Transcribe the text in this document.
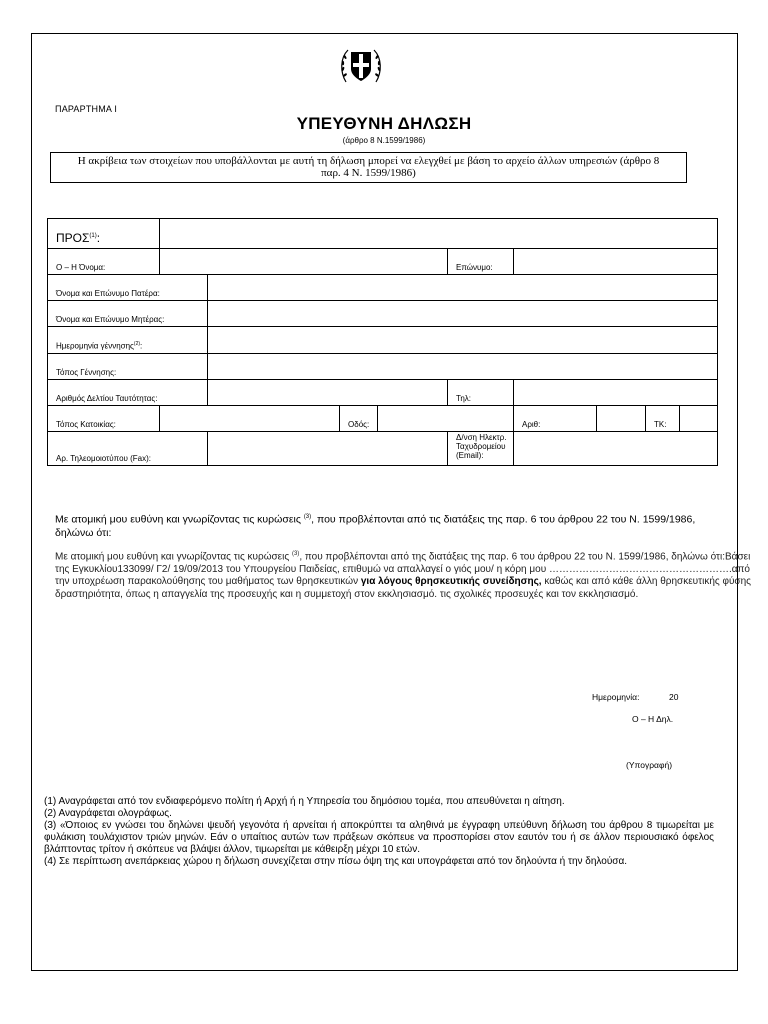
ΠΑΡΑΡΤΗΜΑ Ι
ΥΠΕΥΘΥΝΗ ΔΗΛΩΣΗ
(άρθρο 8 Ν.1599/1986)
Η ακρίβεια των στοιχείων που υποβάλλονται με αυτή τη δήλωση μπορεί να ελεγχθεί με βάση το αρχείο άλλων υπηρεσιών (άρθρο 8 παρ. 4 Ν. 1599/1986)
ΠΡΟΣ$^{(1)}$:									
Ο – Η Όνομα:					Επώνυμο:				
Όνομα και Επώνυμο Πατέρα:									
Όνομα και Επώνυμο Μητέρας:									
Ημερομηνία γέννησης$^{(2)}$:									
Τόπος Γέννησης:									
Αριθμός Δελτίου Ταυτότητας:					Τηλ:				
Τόπος Κατοικίας:			Οδός:			Αριθ:		ΤΚ:	
Αρ. Τηλεομοιοτύπου (Fax):					Δ/νση Ηλεκτρ.
Ταχυδρομείου
(Email):				
Με ατομική μου ευθύνη και γνωρίζοντας τις κυρώσεις $^{(3)}$, που προβλέπονται από τις διατάξεις της παρ. 6 του άρθρου 22 του Ν. 1599/1986, δηλώνω ότι:
Με ατομική μου ευθύνη και γνωρίζοντας τις κυρώσεις $^{(3)}$, που προβλέπονται από της διατάξεις της παρ. 6 του άρθρου 22 του Ν. 1599/1986, δηλώνω ότι:Βάσει της Εγκυκλίου133099/ Γ2/ 19/09/2013 του Υπουργείου Παιδείας, επιθυμώ να απαλλαγεί ο γιός μου/ η κόρη μου ……………………………………………….από την υποχρέωση παρακολούθησης του μαθήματος των θρησκευτικών για λόγους θρησκευτικής συνείδησης, καθώς και από κάθε άλλη θρησκευτικής φύσης δραστηριότητα, όπως η απαγγελία της προσευχής και η συμμετοχή στον εκκλησιασμό. τις σχολικές προσευχές και τον εκκλησιασμό.
Ημερομηνία:	20
Ο – Η Δηλ.
(Υπογραφή)
(1) Αναγράφεται από τον ενδιαφερόμενο πολίτη ή Αρχή ή η Υπηρεσία του δημόσιου τομέα, που απευθύνεται η αίτηση.
(2) Αναγράφεται ολογράφως.
(3) «Όποιος εν γνώσει του δηλώνει ψευδή γεγονότα ή αρνείται ή αποκρύπτει τα αληθινά με έγγραφη υπεύθυνη δήλωση του άρθρου 8 τιμωρείται με φυλάκιση τουλάχιστον τριών μηνών. Εάν ο υπαίτιος αυτών των πράξεων σκόπευε να προσπορίσει στον εαυτόν του ή σε άλλον περιουσιακό όφελος βλάπτοντας τρίτον ή σκόπευε να βλάψει άλλον, τιμωρείται με κάθειρξη μέχρι 10 ετών.
(4) Σε περίπτωση ανεπάρκειας χώρου η δήλωση συνεχίζεται στην πίσω όψη της και υπογράφεται από τον δηλούντα ή την δηλούσα.
